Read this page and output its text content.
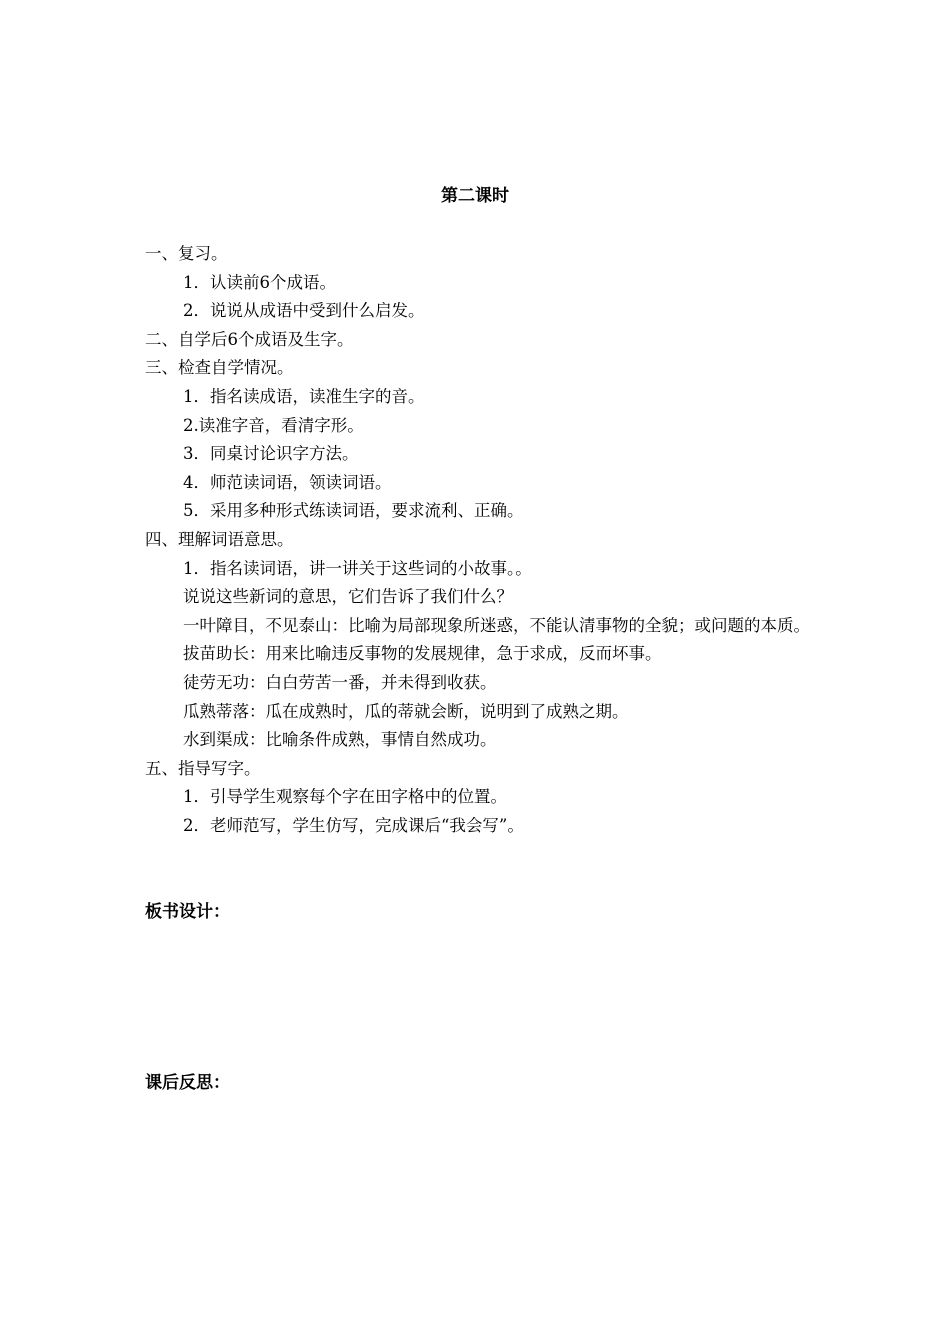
第二课时
一、复习。
1．认读前6个成语。
2．说说从成语中受到什么启发。
二、自学后6个成语及生字。
三、检查自学情况。
1．指名读成语，读准生字的音。
2.读准字音，看清字形。
3．同桌讨论识字方法。
4．师范读词语，领读词语。
5．采用多种形式练读词语，要求流利、正确。
四、理解词语意思。
1．指名读词语，讲一讲关于这些词的小故事。。
说说这些新词的意思，它们告诉了我们什么？
一叶障目，不见泰山：比喻为局部现象所迷惑，不能认清事物的全貌；或问题的本质。
拔苗助长：用来比喻违反事物的发展规律，急于求成，反而坏事。
徒劳无功：白白劳苦一番，并未得到收获。
瓜熟蒂落：瓜在成熟时，瓜的蒂就会断，说明到了成熟之期。
水到渠成：比喻条件成熟，事情自然成功。
五、指导写字。
1．引导学生观察每个字在田字格中的位置。
2．老师范写，学生仿写，完成课后“我会写”。
板书设计：
课后反思：
